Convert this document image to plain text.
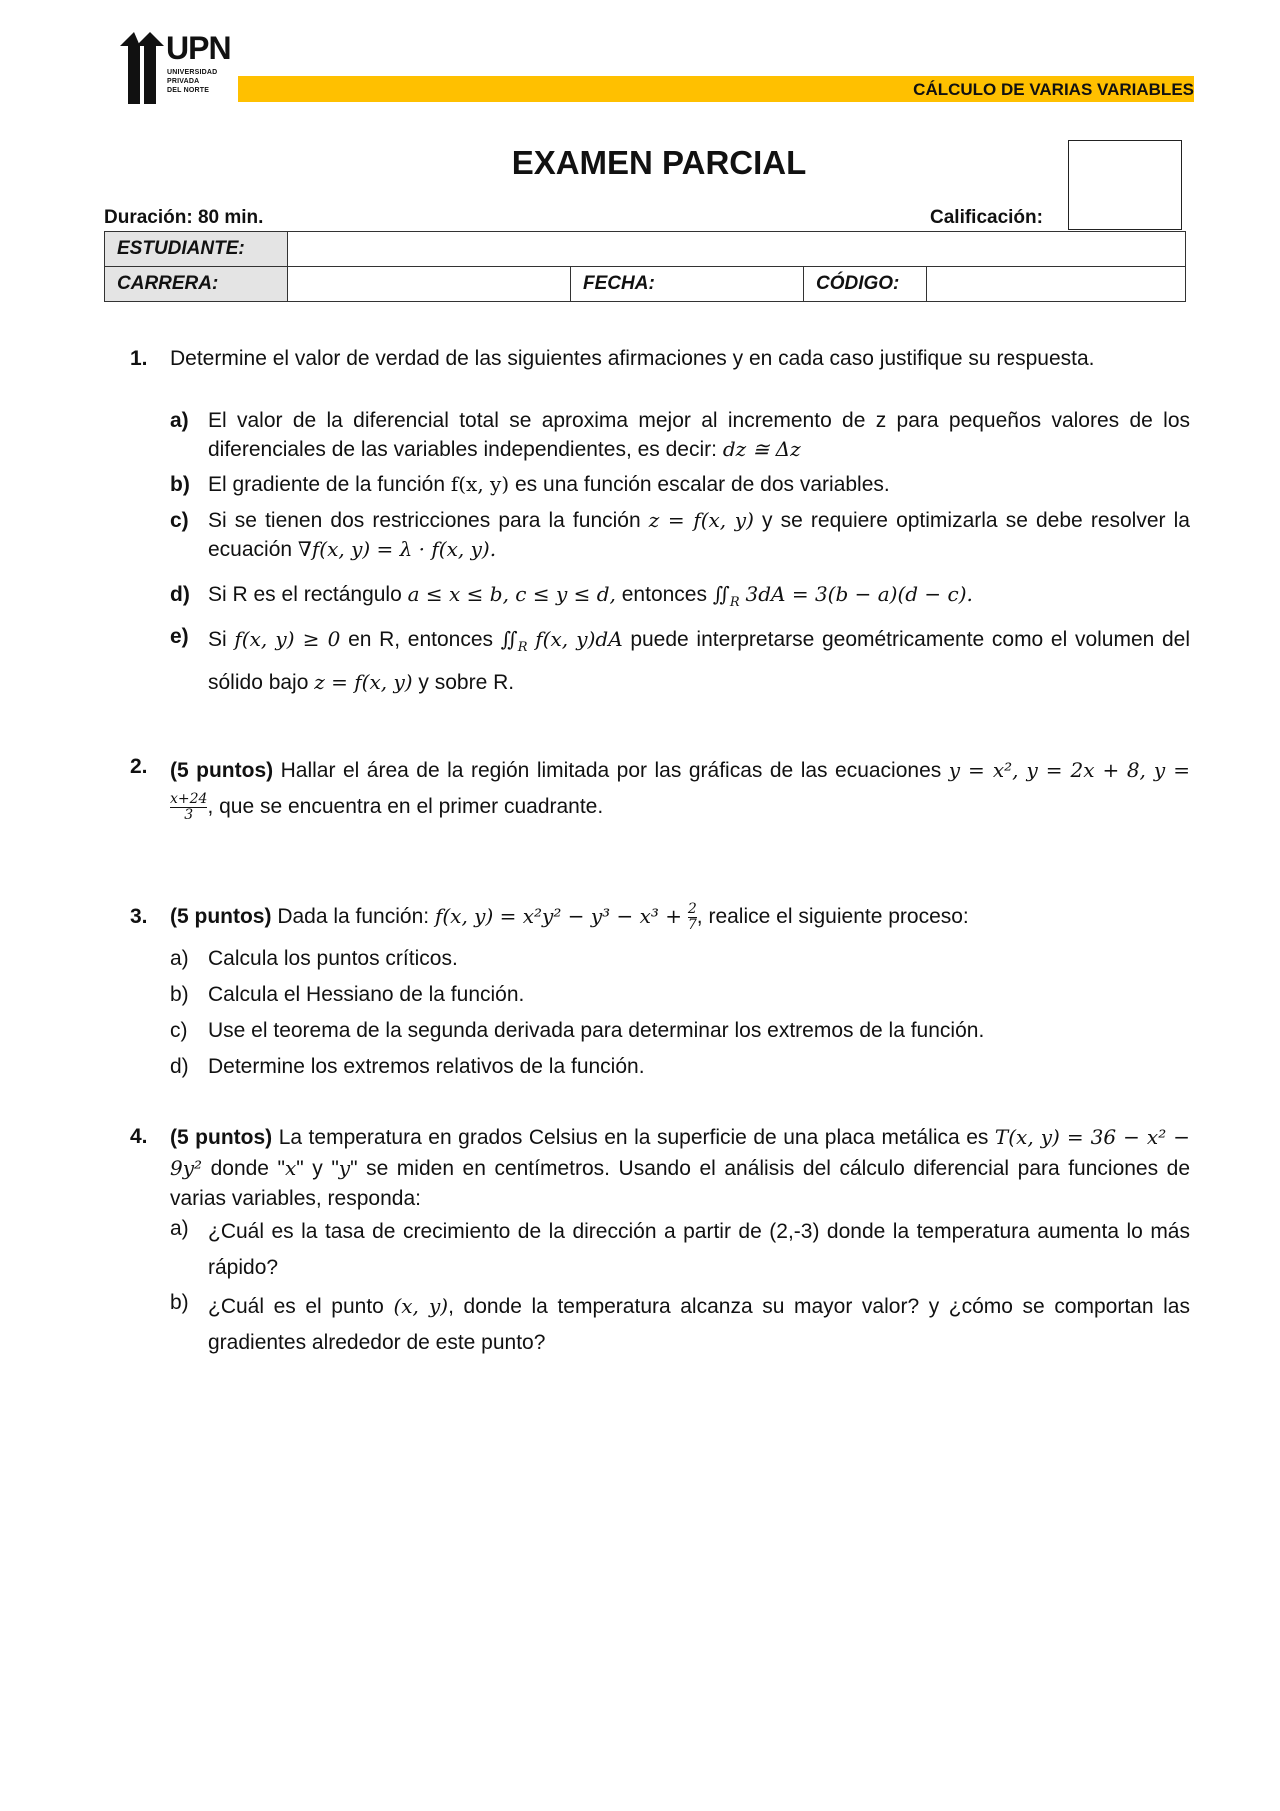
UPN
UNIVERSIDAD
PRIVADA
DEL NORTE	CÁLCULO DE VARIAS VARIABLES
EXAMEN PARCIAL
Duración: 80 min.	Calificación:
ESTUDIANTE:				
CARRERA:		FECHA:	CÓDIGO:	
1. Determine el valor de verdad de las siguientes afirmaciones y en cada caso justifique su respuesta.
a) El valor de la diferencial total se aproxima mejor al incremento de z para pequeños valores de los diferenciales de las variables independientes, es decir: dz ≅ Δz
b) El gradiente de la función f(x, y) es una función escalar de dos variables.
c) Si se tienen dos restricciones para la función z = f(x, y) y se requiere optimizarla se debe resolver la ecuación ∇f(x, y) = λ · f(x, y).
d) Si R es el rectángulo a ≤ x ≤ b, c ≤ y ≤ d, entonces $∬_R$ 3dA = 3(b − a)(d − c).
e) Si f(x, y) ≥ 0 en R, entonces $∬_R$ f(x, y)dA puede interpretarse geométricamente como el volumen del sólido bajo z = f(x, y) y sobre R.
2. (5 puntos) Hallar el área de la región limitada por las gráficas de las ecuaciones y = x², y = 2x + 8, y =
$\frac{x+24}{3}$ , que se encuentra en el primer cuadrante.
3. (5 puntos) Dada la función: f(x, $y) = x^2y^2 - y^3 - x^3 + \frac{2}{7}$ , realice el siguiente proceso:
a) Calcula los puntos críticos.
b) Calcula el Hessiano de la función.
c) Use el teorema de la segunda derivada para determinar los extremos de la función.
d) Determine los extremos relativos de la función.
4. (5 puntos) La temperatura en grados Celsius en la superficie de una placa metálica es T(x, y) = 36 − x² − 9y² donde "x" y "y" se miden en centímetros. Usando el análisis del cálculo diferencial para funciones de varias variables, responda:
a) ¿Cuál es la tasa de crecimiento de la dirección a partir de (2,-3) donde la temperatura aumenta lo más rápido?
b) ¿Cuál es el punto (x, y), donde la temperatura alcanza su mayor valor? y ¿cómo se comportan las gradientes alrededor de este punto?
